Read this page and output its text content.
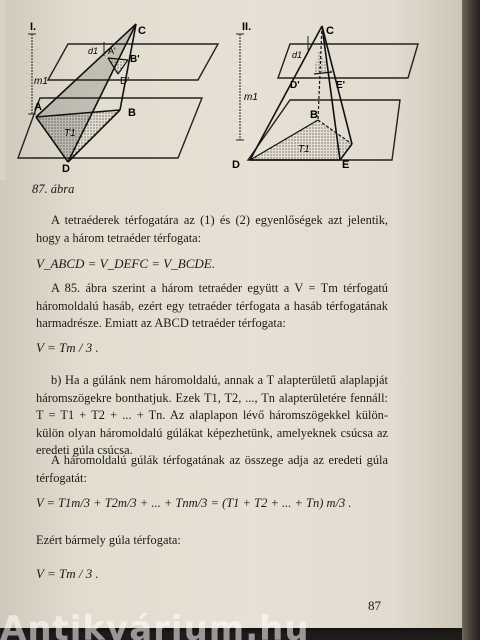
I.	C
A'
B'
D'
A	B
D
T1
d1
m1
II.	C
D'	E'
B
D	E
T1
d1
m1
87. ábra

A tetraéderek térfogatára az (1) és (2) egyenlőségek azt jelentik, hogy a három tetraéder térfogata:

V_ABCD = V_DEFC = V_BCDE.

A 85. ábra szerint a három tetraéder együtt a V = Tm térfogatú háromoldalú hasáb, ezért egy tetraéder térfogata a hasáb térfogatának harmadrésze. Emiatt az ABCD tetraéder térfogata:

V = Tm / 3 .

b) Ha a gúlánk nem háromoldalú, annak a T alapterületű alaplapját háromszögekre bonthatjuk. Ezek T1, T2, ..., Tn alapterületére fennáll: T = T1 + T2 + ... + Tn. Az alaplapon lévő háromszögekkel külön-külön olyan háromoldalú gúlákat képezhetünk, amelyeknek csúcsa az eredeti gúla csúcsa.

A háromoldalú gúlák térfogatának az összege adja az eredeti gúla térfogatát:

V = T1m/3 + T2m/3 + ... + Tnm/3 = (T1 + T2 + ... + Tn) m/3 .

Ezért bármely gúla térfogata:

V = Tm / 3 .
87
Antikvárium.hu
